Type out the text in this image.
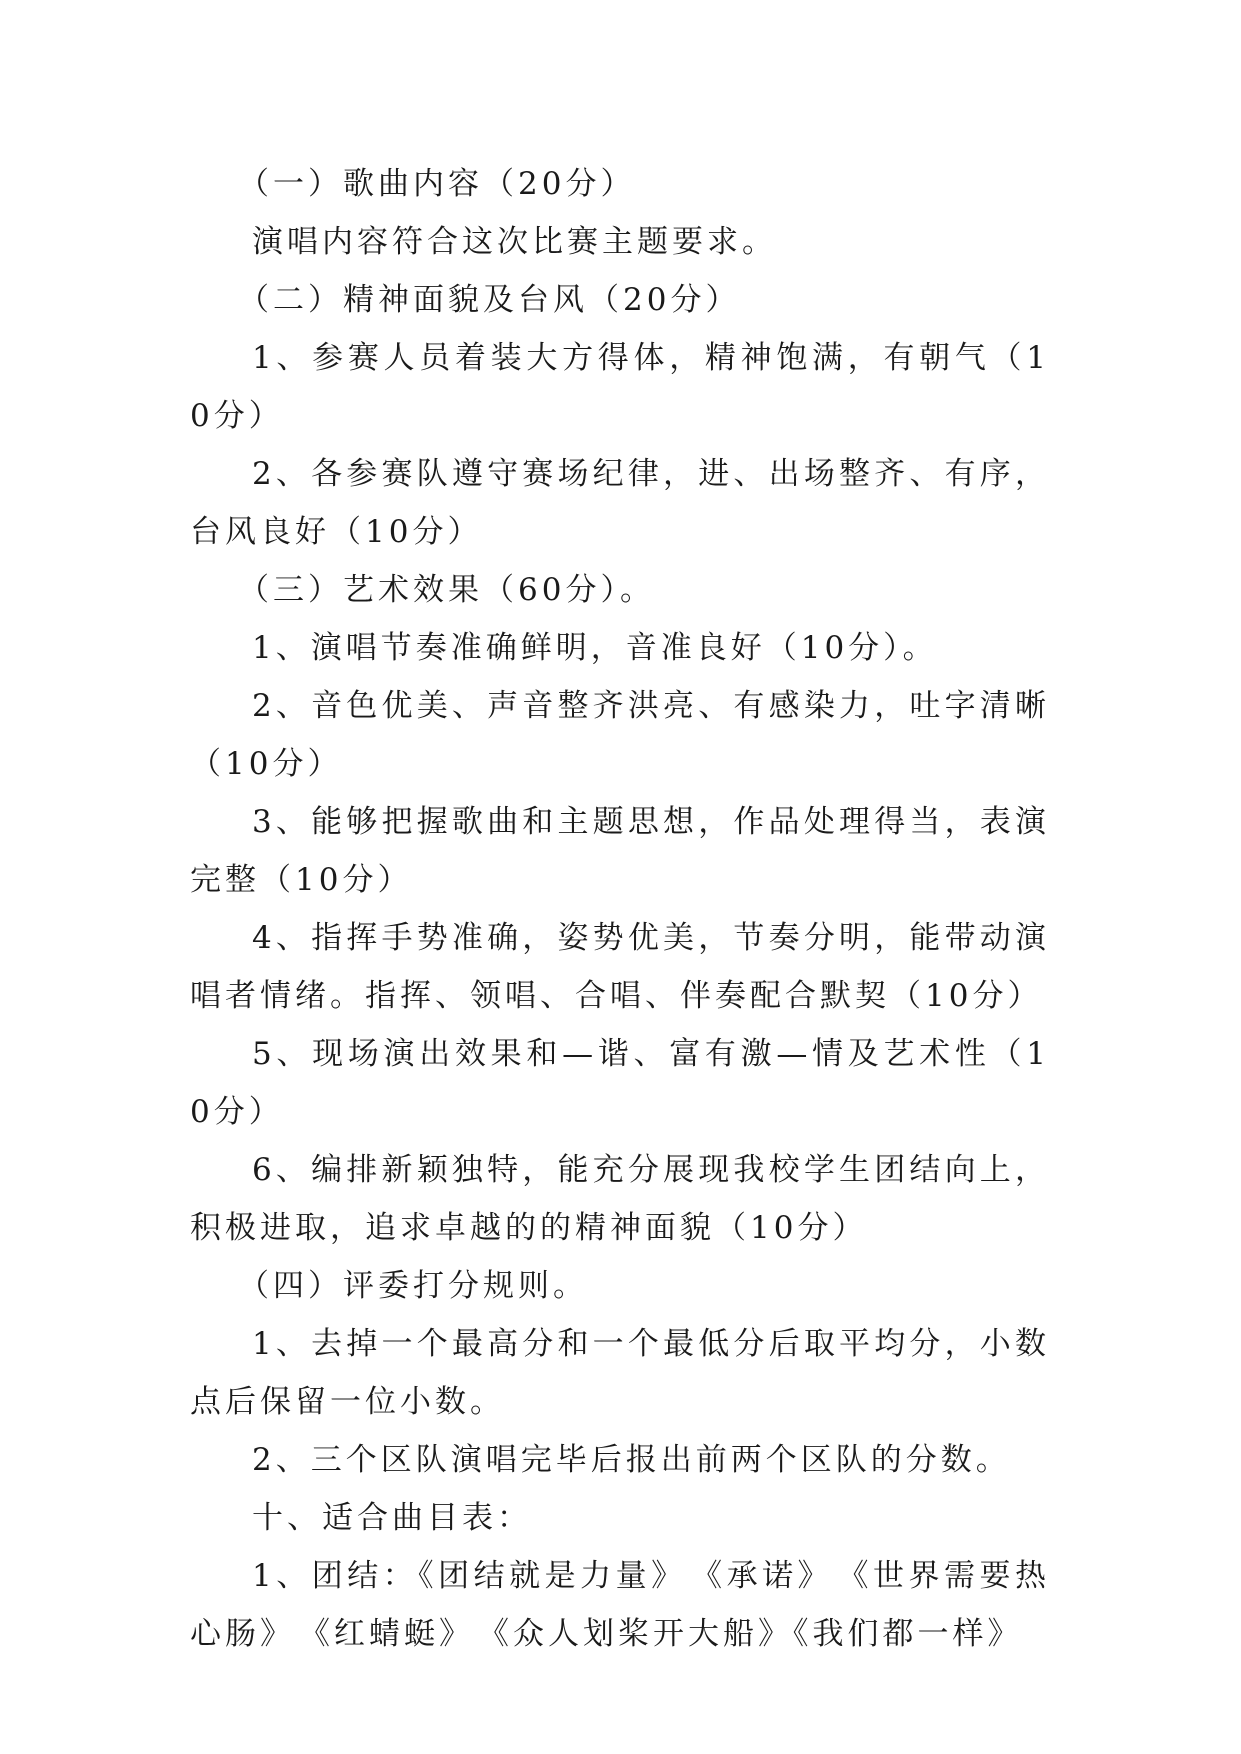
（一）歌曲内容（20分）

演唱内容符合这次比赛主题要求。

（二）精神面貌及台风（20分）

1、参赛人员着装大方得体，精神饱满，有朝气（10分）

2、各参赛队遵守赛场纪律，进、出场整齐、有序，台风良好（10分）

（三）艺术效果（60分）。

1、演唱节奏准确鲜明，音准良好（10分）。

2、音色优美、声音整齐洪亮、有感染力，吐字清晰（10分）

3、能够把握歌曲和主题思想，作品处理得当，表演完整（10分）

4、指挥手势准确，姿势优美，节奏分明，能带动演唱者情绪。指挥、领唱、合唱、伴奏配合默契（10分）

5、现场演出效果和—谐、富有激—情及艺术性（10分）

6、编排新颖独特，能充分展现我校学生团结向上，积极进取，追求卓越的的精神面貌（10分）

（四）评委打分规则。

1、去掉一个最高分和一个最低分后取平均分，小数点后保留一位小数。

2、三个区队演唱完毕后报出前两个区队的分数。

十、适合曲目表：

1、团结：《团结就是力量》　《承诺》　《世界需要热心肠》　《红蜻蜓》　《众人划桨开大船》《我们都一样》
